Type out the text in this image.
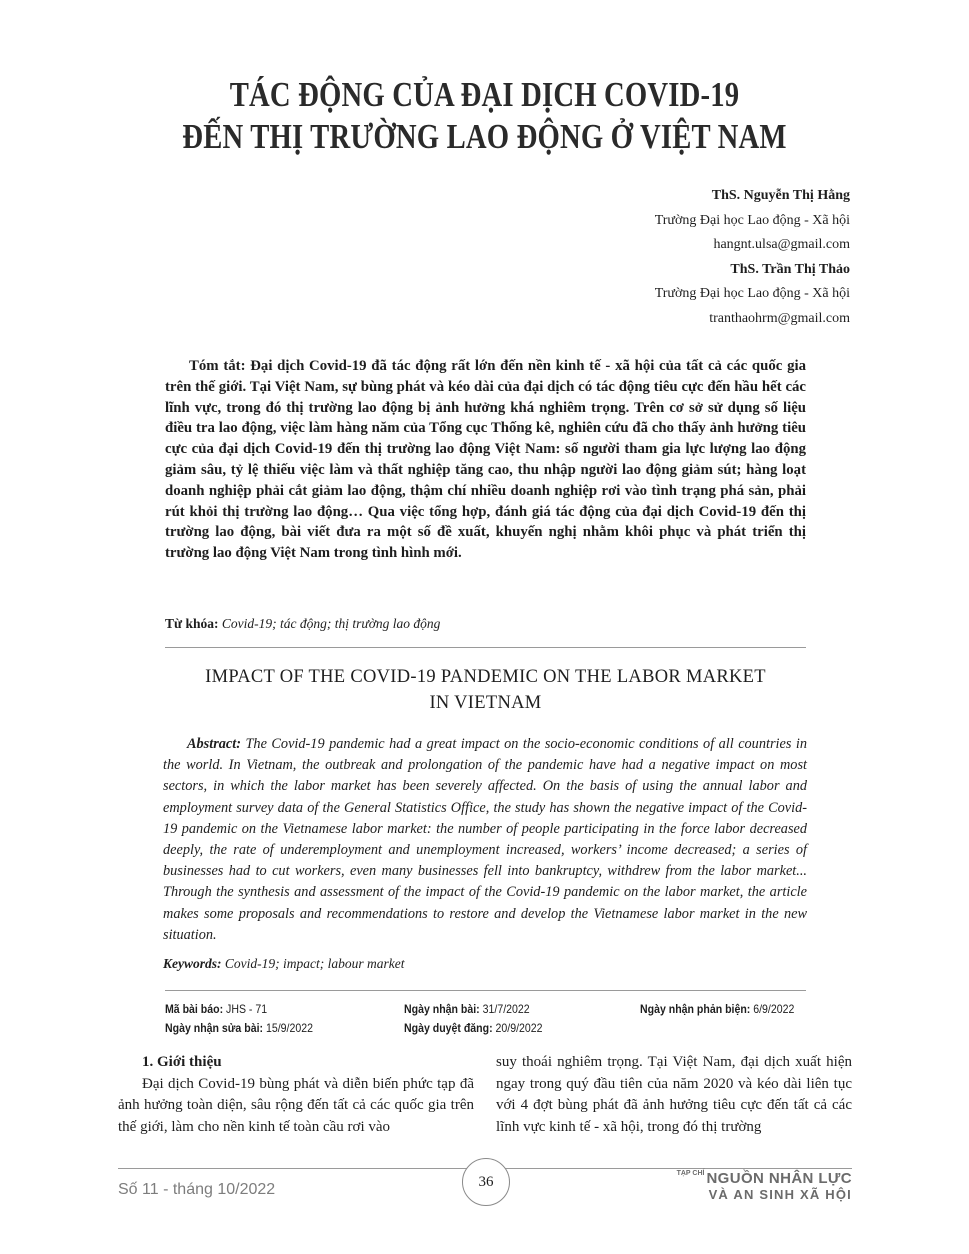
TÁC ĐỘNG CỦA ĐẠI DỊCH COVID-19
ĐẾN THỊ TRƯỜNG LAO ĐỘNG Ở VIỆT NAM
ThS. Nguyễn Thị Hằng
Trường Đại học Lao động - Xã hội
hangnt.ulsa@gmail.com
ThS. Trần Thị Thảo
Trường Đại học Lao động - Xã hội
tranthaohrm@gmail.com
Tóm tắt: Đại dịch Covid-19 đã tác động rất lớn đến nền kinh tế - xã hội của tất cả các quốc gia trên thế giới. Tại Việt Nam, sự bùng phát và kéo dài của đại dịch có tác động tiêu cực đến hầu hết các lĩnh vực, trong đó thị trường lao động bị ảnh hưởng khá nghiêm trọng. Trên cơ sở sử dụng số liệu điều tra lao động, việc làm hàng năm của Tổng cục Thống kê, nghiên cứu đã cho thấy ảnh hưởng tiêu cực của đại dịch Covid-19 đến thị trường lao động Việt Nam: số người tham gia lực lượng lao động giảm sâu, tỷ lệ thiếu việc làm và thất nghiệp tăng cao, thu nhập người lao động giảm sút; hàng loạt doanh nghiệp phải cắt giảm lao động, thậm chí nhiều doanh nghiệp rơi vào tình trạng phá sản, phải rút khỏi thị trường lao động… Qua việc tổng hợp, đánh giá tác động của đại dịch Covid-19 đến thị trường lao động, bài viết đưa ra một số đề xuất, khuyến nghị nhằm khôi phục và phát triển thị trường lao động Việt Nam trong tình hình mới.
Từ khóa: Covid-19; tác động; thị trường lao động
IMPACT OF THE COVID-19 PANDEMIC ON THE LABOR MARKET
IN VIETNAM
Abstract: The Covid-19 pandemic had a great impact on the socio-economic conditions of all countries in the world. In Vietnam, the outbreak and prolongation of the pandemic have had a negative impact on most sectors, in which the labor market has been severely affected. On the basis of using the annual labor and employment survey data of the General Statistics Office, the study has shown the negative impact of the Covid-19 pandemic on the Vietnamese labor market: the number of people participating in the force labor decreased deeply, the rate of underemployment and unemployment increased, workers’ income decreased; a series of businesses had to cut workers, even many businesses fell into bankruptcy, withdrew from the labor market... Through the synthesis and assessment of the impact of the Covid-19 pandemic on the labor market, the article makes some proposals and recommendations to restore and develop the Vietnamese labor market in the new situation.
Keywords: Covid-19; impact; labour market
Mã bài báo: JHS - 71
Ngày nhận sửa bài: 15/9/2022
Ngày nhận bài: 31/7/2022
Ngày duyệt đăng: 20/9/2022
Ngày nhận phản biện: 6/9/2022
1. Giới thiệu
Đại dịch Covid-19 bùng phát và diễn biến phức tạp đã ảnh hưởng toàn diện, sâu rộng đến tất cả các quốc gia trên thế giới, làm cho nền kinh tế toàn cầu rơi vào
suy thoái nghiêm trọng. Tại Việt Nam, đại dịch xuất hiện ngay trong quý đầu tiên của năm 2020 và kéo dài liên tục với 4 đợt bùng phát đã ảnh hưởng tiêu cực đến tất cả các lĩnh vực kinh tế - xã hội, trong đó thị trường
Số 11 - tháng 10/2022	36	$^{TẠP CHÍ}$ NGUỒN NHÂN LỰC
VÀ AN SINH XÃ HỘI
